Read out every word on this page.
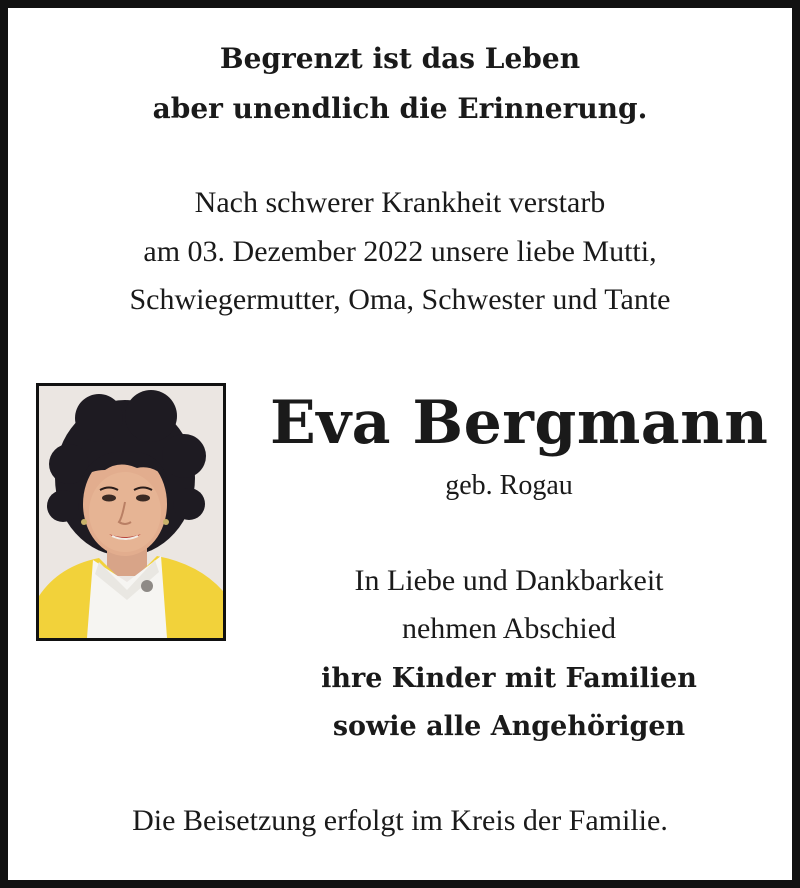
Begrenzt ist das Leben
aber unendlich die Erinnerung.
Nach schwerer Krankheit verstarb
am 03. Dezember 2022 unsere liebe Mutti,
Schwiegermutter, Oma, Schwester und Tante
Eva Bergmann
geb. Rogau
In Liebe und Dankbarkeit
nehmen Abschied
ihre Kinder mit Familien
sowie alle Angehörigen
Die Beisetzung erfolgt im Kreis der Familie.
